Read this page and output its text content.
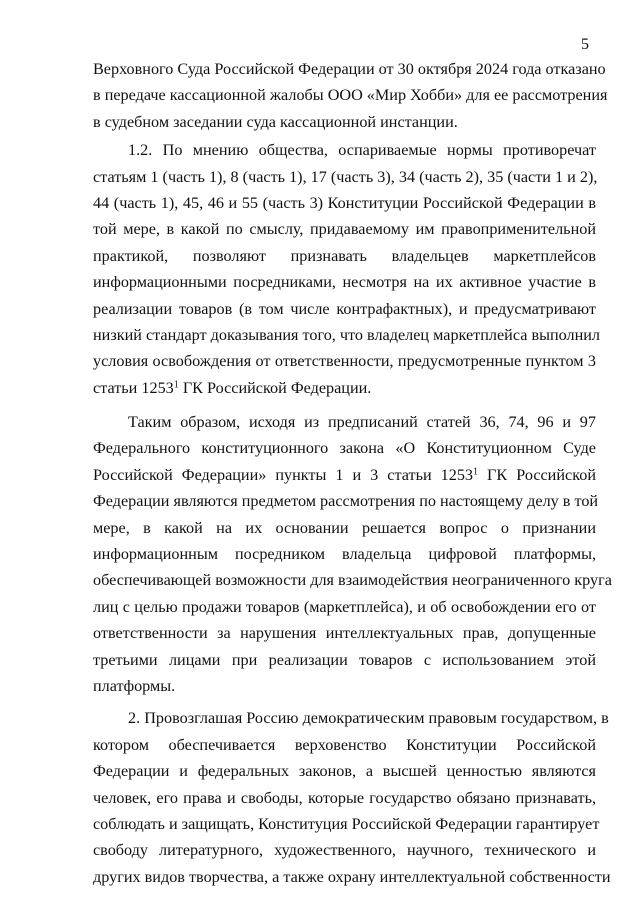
5
Верховного Суда Российской Федерации от 30 октября 2024 года отказано
в передаче кассационной жалобы ООО «Мир Хобби» для ее рассмотрения
в судебном заседании суда кассационной инстанции.
1.2. По мнению общества, оспариваемые нормы противоречат
статьям 1 (часть 1), 8 (часть 1), 17 (часть 3), 34 (часть 2), 35 (части 1 и 2),
44 (часть 1), 45, 46 и 55 (часть 3) Конституции Российской Федерации в
той мере, в какой по смыслу, придаваемому им правоприменительной
практикой, позволяют признавать владельцев маркетплейсов
информационными посредниками, несмотря на их активное участие в
реализации товаров (в том числе контрафактных), и предусматривают
низкий стандарт доказывания того, что владелец маркетплейса выполнил
условия освобождения от ответственности, предусмотренные пунктом 3
статьи 1253$^1$ ГК Российской Федерации.
Таким образом, исходя из предписаний статей 36, 74, 96 и 97
Федерального конституционного закона «О Конституционном Суде
Российской Федерации» пункты 1 и 3 статьи 1253$^1$ ГК Российской
Федерации являются предметом рассмотрения по настоящему делу в той
мере, в какой на их основании решается вопрос о признании
информационным посредником владельца цифровой платформы,
обеспечивающей возможности для взаимодействия неограниченного круга
лиц с целью продажи товаров (маркетплейса), и об освобождении его от
ответственности за нарушения интеллектуальных прав, допущенные
третьими лицами при реализации товаров с использованием этой
платформы.
2. Провозглашая Россию демократическим правовым государством, в
котором обеспечивается верховенство Конституции Российской
Федерации и федеральных законов, а высшей ценностью являются
человек, его права и свободы, которые государство обязано признавать,
соблюдать и защищать, Конституция Российской Федерации гарантирует
свободу литературного, художественного, научного, технического и
других видов творчества, а также охрану интеллектуальной собственности
